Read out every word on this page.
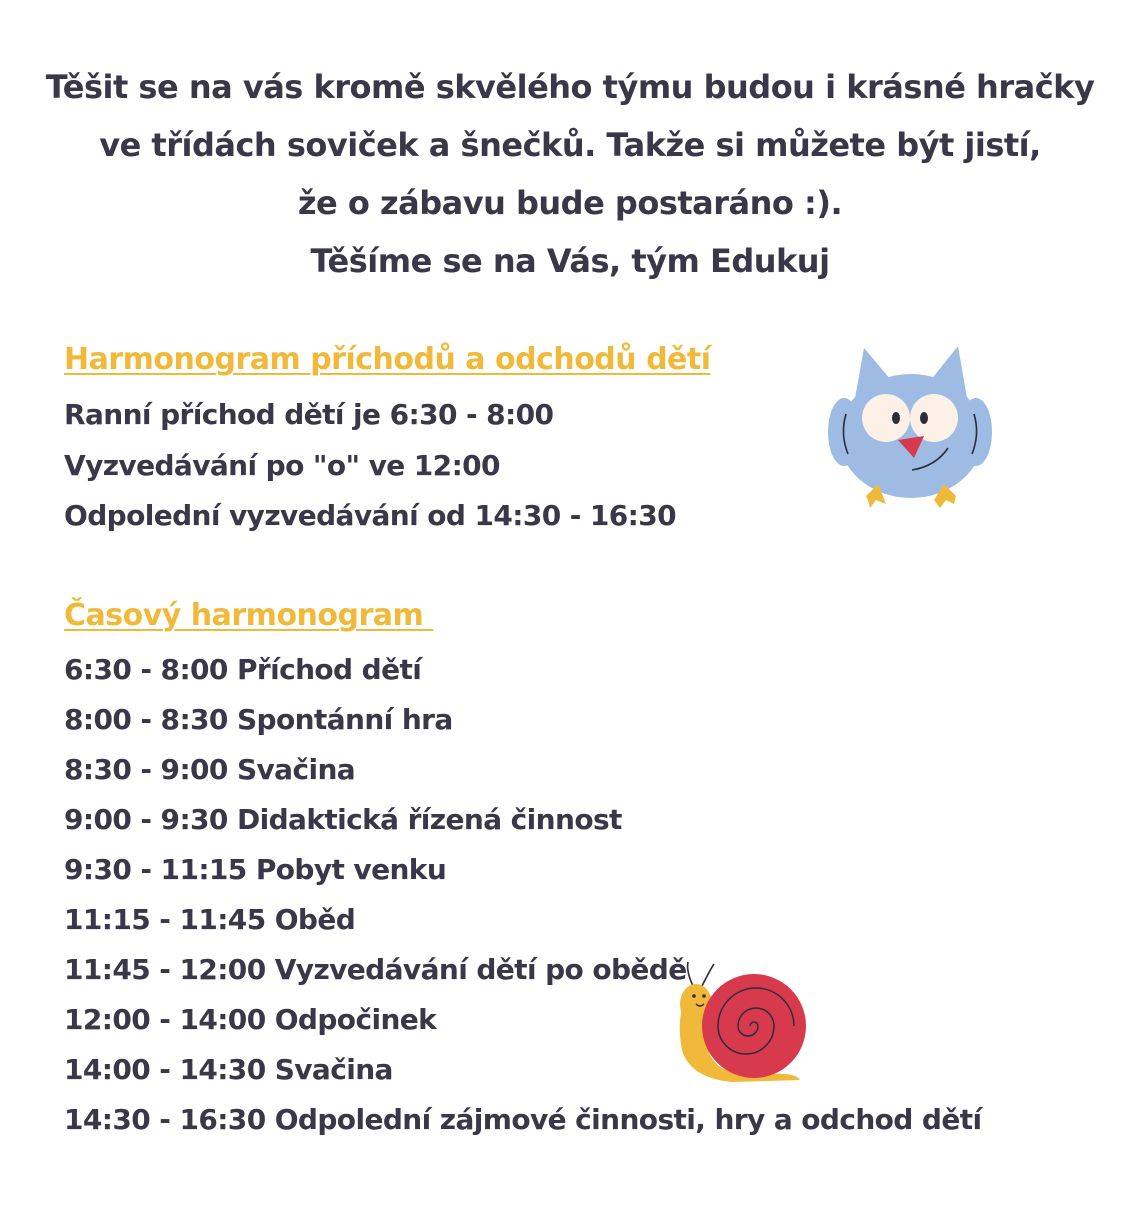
Těšit se na vás kromě skvělého týmu budou i krásné hračky
ve třídách soviček a šnečků. Takže si můžete být jistí,
že o zábavu bude postaráno :).
Těšíme se na Vás, tým Edukuj
Harmonogram příchodů a odchodů dětí
Ranní příchod dětí je 6:30 - 8:00
Vyzvedávání po "o" ve 12:00
Odpolední vyzvedávání od 14:30 - 16:30
Časový harmonogram
6:30 - 8:00 Příchod dětí
8:00 - 8:30 Spontánní hra
8:30 - 9:00 Svačina
9:00 - 9:30 Didaktická řízená činnost
9:30 - 11:15 Pobyt venku
11:15 - 11:45 Oběd
11:45 - 12:00 Vyzvedávání dětí po obědě
12:00 - 14:00 Odpočinek
14:00 - 14:30 Svačina
14:30 - 16:30 Odpolední zájmové činnosti, hry a odchod dětí
